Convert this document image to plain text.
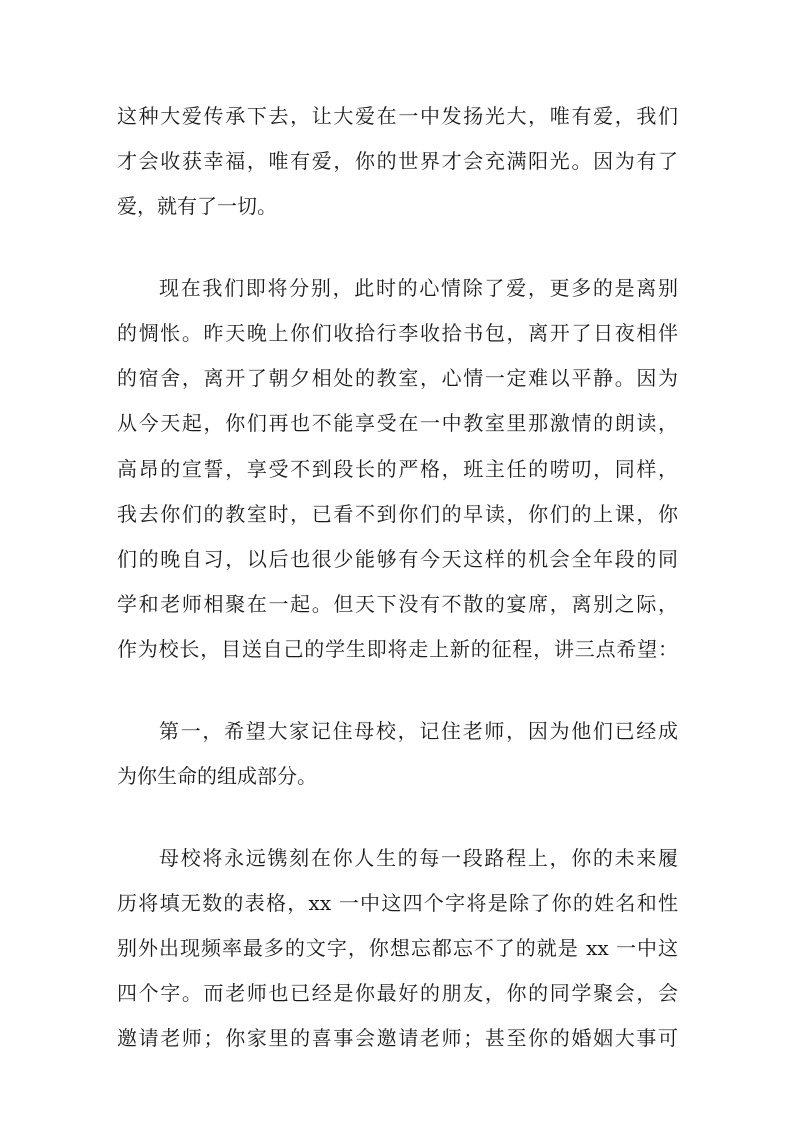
这种大爱传承下去，让大爱在一中发扬光大，唯有爱，我们

才会收获幸福，唯有爱，你的世界才会充满阳光。因为有了

爱，就有了一切。

现在我们即将分别，此时的心情除了爱，更多的是离别

的惆怅。昨天晚上你们收拾行李收拾书包，离开了日夜相伴

的宿舍，离开了朝夕相处的教室，心情一定难以平静。因为

从今天起，你们再也不能享受在一中教室里那激情的朗读，

高昂的宣誓，享受不到段长的严格，班主任的唠叨，同样，

我去你们的教室时，已看不到你们的早读，你们的上课，你

们的晚自习，以后也很少能够有今天这样的机会全年段的同

学和老师相聚在一起。但天下没有不散的宴席，离别之际，

作为校长，目送自己的学生即将走上新的征程，讲三点希望：

第一，希望大家记住母校，记住老师，因为他们已经成

为你生命的组成部分。

母校将永远镌刻在你人生的每一段路程上，你的未来履

历将填无数的表格，xx 一中这四个字将是除了你的姓名和性

别外出现频率最多的文字，你想忘都忘不了的就是 xx 一中这

四个字。而老师也已经是你最好的朋友，你的同学聚会，会

邀请老师；你家里的喜事会邀请老师；甚至你的婚姻大事可
